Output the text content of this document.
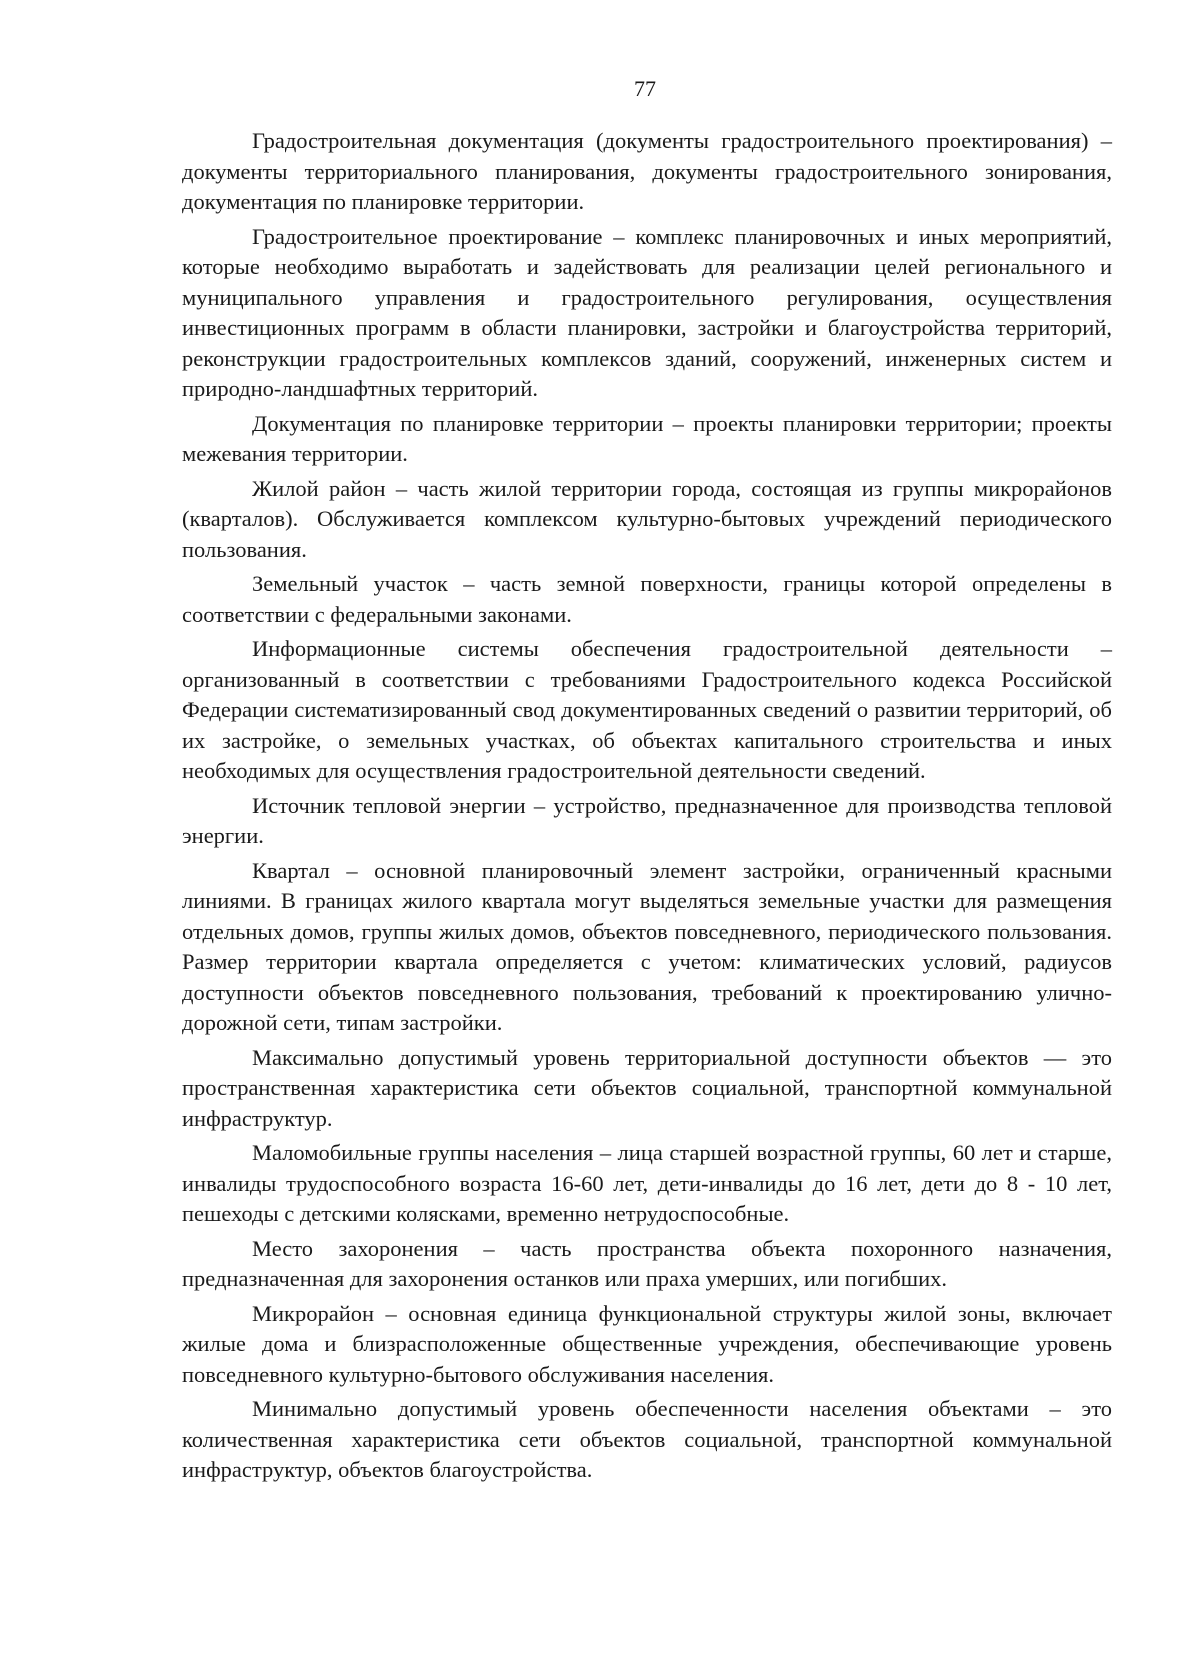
77

Градостроительная документация (документы градостроительного проектирования) – документы территориального планирования, документы градостроительного зонирования, документация по планировке территории.

Градостроительное проектирование – комплекс планировочных и иных мероприятий, которые необходимо выработать и задействовать для реализации целей регионального и муниципального управления и градостроительного регулирования, осуществления инвестиционных программ в области планировки, застройки и благоустройства территорий, реконструкции градостроительных комплексов зданий, сооружений, инженерных систем и природно-ландшафтных территорий.

Документация по планировке территории – проекты планировки территории; проекты межевания территории.

Жилой район – часть жилой территории города, состоящая из группы микрорайонов (кварталов). Обслуживается комплексом культурно-бытовых учреждений периодического пользования.

Земельный участок – часть земной поверхности, границы которой определены в соответствии с федеральными законами.

Информационные системы обеспечения градостроительной деятельности – организованный в соответствии с требованиями Градостроительного кодекса Российской Федерации систематизированный свод документированных сведений о развитии территорий, об их застройке, о земельных участках, об объектах капитального строительства и иных необходимых для осуществления градостроительной деятельности сведений.

Источник тепловой энергии – устройство, предназначенное для производства тепловой энергии.

Квартал – основной планировочный элемент застройки, ограниченный красными линиями. В границах жилого квартала могут выделяться земельные участки для размещения отдельных домов, группы жилых домов, объектов повседневного, периодического пользования. Размер территории квартала определяется с учетом: климатических условий, радиусов доступности объектов повседневного пользования, требований к проектированию улично-дорожной сети, типам застройки.

Максимально допустимый уровень территориальной доступности объектов — это пространственная характеристика сети объектов социальной, транспортной коммунальной инфраструктур.

Маломобильные группы населения – лица старшей возрастной группы, 60 лет и старше, инвалиды трудоспособного возраста 16-60 лет, дети-инвалиды до 16 лет, дети до 8 - 10 лет, пешеходы с детскими колясками, временно нетрудоспособные.

Место захоронения – часть пространства объекта похоронного назначения, предназначенная для захоронения останков или праха умерших, или погибших.

Микрорайон – основная единица функциональной структуры жилой зоны, включает жилые дома и близрасположенные общественные учреждения, обеспечивающие уровень повседневного культурно-бытового обслуживания населения.

Минимально допустимый уровень обеспеченности населения объектами – это количественная характеристика сети объектов социальной, транспортной коммунальной инфраструктур, объектов благоустройства.
